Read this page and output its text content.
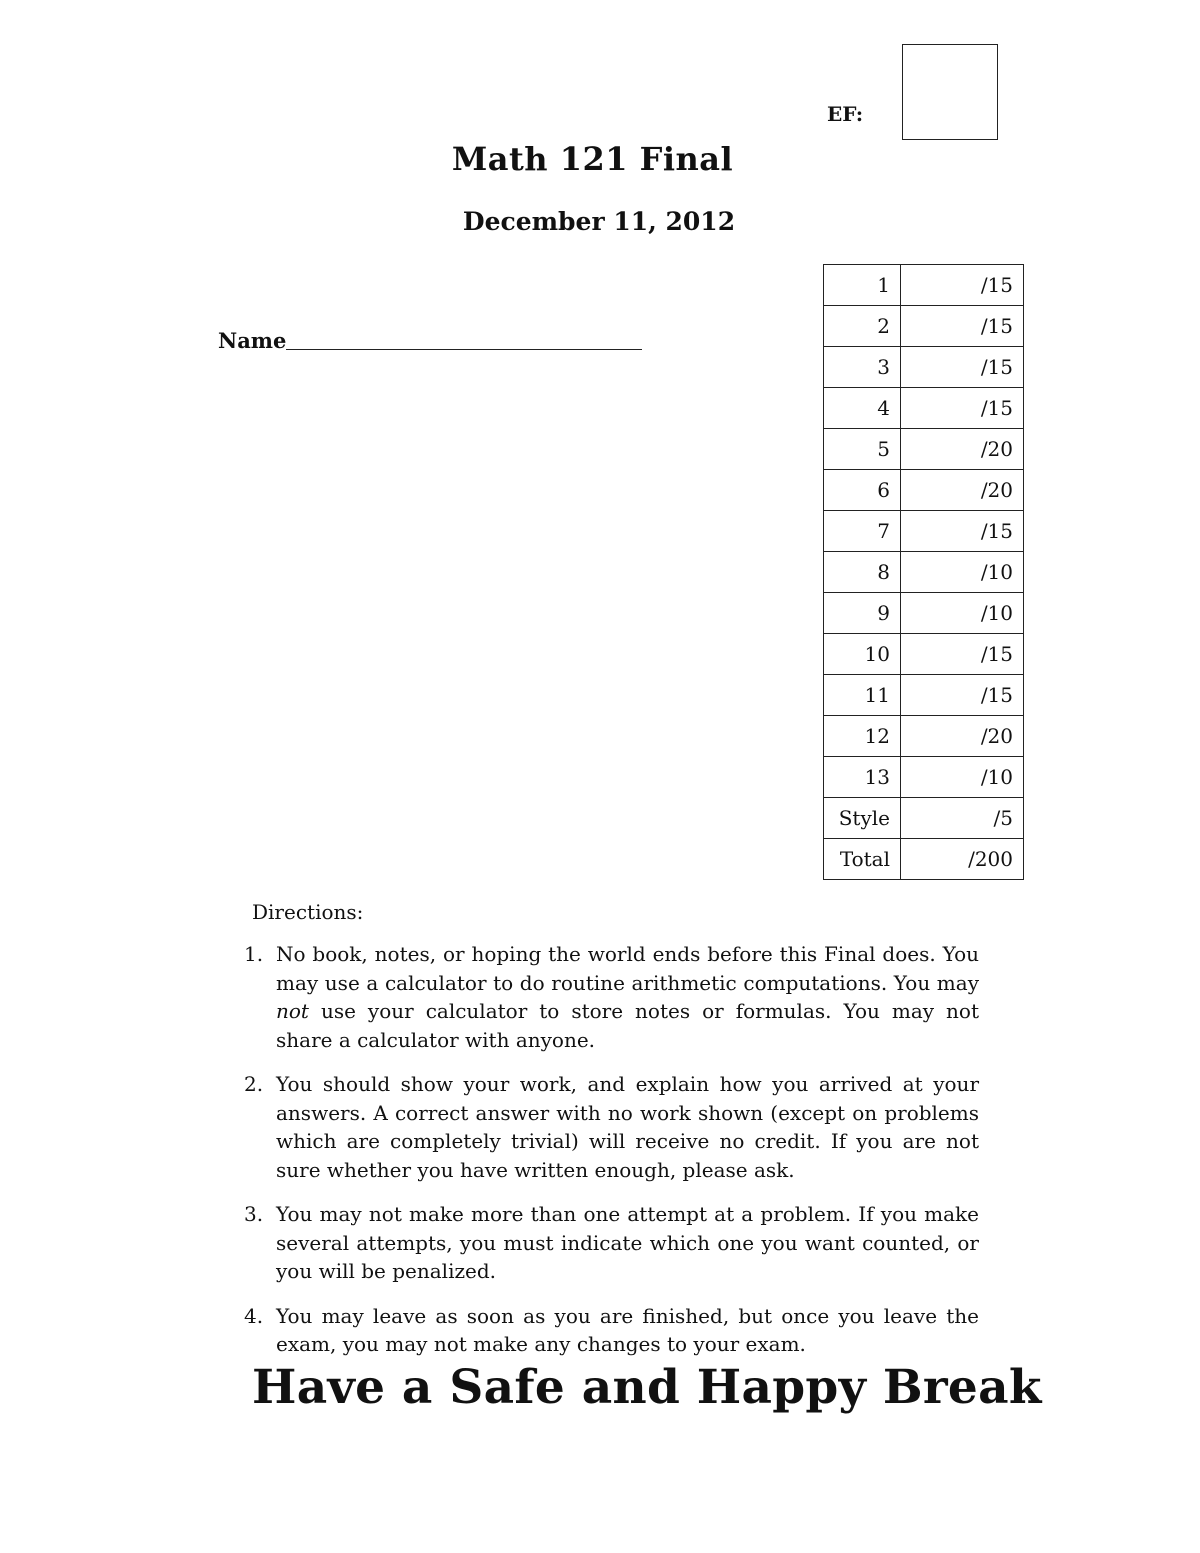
EF:
Math 121 Final
December 11, 2012
Name
1	/15
2	/15
3	/15
4	/15
5	/20
6	/20
7	/15
8	/10
9	/10
10	/15
11	/15
12	/20
13	/10
Style	/5
Total	/200
Directions:
1. No book, notes, or hoping the world ends before this Final does. You may use a calculator to do routine arithmetic computations. You may not use your calculator to store notes or formulas. You may not share a calculator with anyone.
2. You should show your work, and explain how you arrived at your answers. A correct answer with no work shown (except on problems which are completely trivial) will receive no credit. If you are not sure whether you have written enough, please ask.
3. You may not make more than one attempt at a problem. If you make several attempts, you must indicate which one you want counted, or you will be penalized.
4. You may leave as soon as you are finished, but once you leave the exam, you may not make any changes to your exam.
Have a Safe and Happy Break
